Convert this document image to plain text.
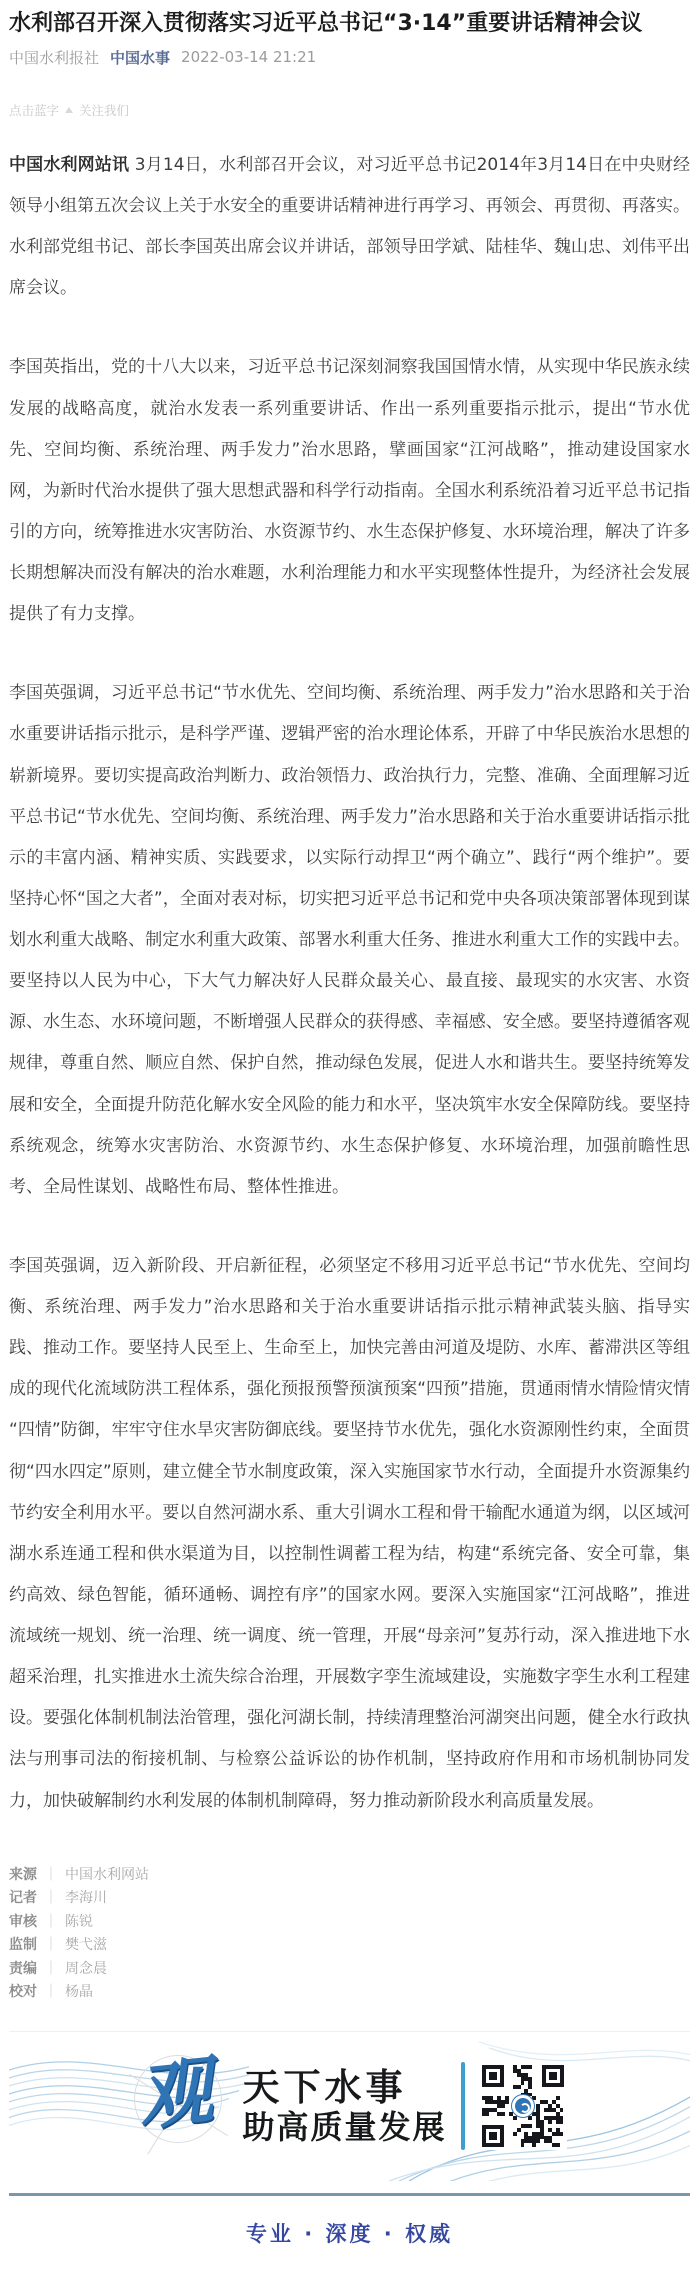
水利部召开深入贯彻落实习近平总书记“3·14”重要讲话精神会议
中国水利报社 中国水事 2022-03-14 21:21
点击蓝字 关注我们

中国水利网站讯 3月14日，水利部召开会议，对习近平总书记2014年3月14日在中央财经领导小组第五次会议上关于水安全的重要讲话精神进行再学习、再领会、再贯彻、再落实。水利部党组书记、部长李国英出席会议并讲话，部领导田学斌、陆桂华、魏山忠、刘伟平出席会议。

李国英指出，党的十八大以来，习近平总书记深刻洞察我国国情水情，从实现中华民族永续发展的战略高度，就治水发表一系列重要讲话、作出一系列重要指示批示，提出“节水优先、空间均衡、系统治理、两手发力”治水思路，擘画国家“江河战略”，推动建设国家水网，为新时代治水提供了强大思想武器和科学行动指南。全国水利系统沿着习近平总书记指引的方向，统筹推进水灾害防治、水资源节约、水生态保护修复、水环境治理，解决了许多长期想解决而没有解决的治水难题，水利治理能力和水平实现整体性提升，为经济社会发展提供了有力支撑。

李国英强调，习近平总书记“节水优先、空间均衡、系统治理、两手发力”治水思路和关于治水重要讲话指示批示，是科学严谨、逻辑严密的治水理论体系，开辟了中华民族治水思想的崭新境界。要切实提高政治判断力、政治领悟力、政治执行力，完整、准确、全面理解习近平总书记“节水优先、空间均衡、系统治理、两手发力”治水思路和关于治水重要讲话指示批示的丰富内涵、精神实质、实践要求，以实际行动捍卫“两个确立”、践行“两个维护”。要坚持心怀“国之大者”，全面对表对标，切实把习近平总书记和党中央各项决策部署体现到谋划水利重大战略、制定水利重大政策、部署水利重大任务、推进水利重大工作的实践中去。要坚持以人民为中心，下大气力解决好人民群众最关心、最直接、最现实的水灾害、水资源、水生态、水环境问题，不断增强人民群众的获得感、幸福感、安全感。要坚持遵循客观规律，尊重自然、顺应自然、保护自然，推动绿色发展，促进人水和谐共生。要坚持统筹发展和安全，全面提升防范化解水安全风险的能力和水平，坚决筑牢水安全保障防线。要坚持系统观念，统筹水灾害防治、水资源节约、水生态保护修复、水环境治理，加强前瞻性思考、全局性谋划、战略性布局、整体性推进。

李国英强调，迈入新阶段、开启新征程，必须坚定不移用习近平总书记“节水优先、空间均衡、系统治理、两手发力”治水思路和关于治水重要讲话指示批示精神武装头脑、指导实践、推动工作。要坚持人民至上、生命至上，加快完善由河道及堤防、水库、蓄滞洪区等组成的现代化流域防洪工程体系，强化预报预警预演预案“四预”措施，贯通雨情水情险情灾情“四情”防御，牢牢守住水旱灾害防御底线。要坚持节水优先，强化水资源刚性约束，全面贯彻“四水四定”原则，建立健全节水制度政策，深入实施国家节水行动，全面提升水资源集约节约安全利用水平。要以自然河湖水系、重大引调水工程和骨干输配水通道为纲，以区域河湖水系连通工程和供水渠道为目，以控制性调蓄工程为结，构建“系统完备、安全可靠，集约高效、绿色智能，循环通畅、调控有序”的国家水网。要深入实施国家“江河战略”，推进流域统一规划、统一治理、统一调度、统一管理，开展“母亲河”复苏行动，深入推进地下水超采治理，扎实推进水土流失综合治理，开展数字孪生流域建设，实施数字孪生水利工程建设。要强化体制机制法治管理，强化河湖长制，持续清理整治河湖突出问题，健全水行政执法与刑事司法的衔接机制、与检察公益诉讼的协作机制，坚持政府作用和市场机制协同发力，加快破解制约水利发展的体制机制障碍，努力推动新阶段水利高质量发展。

来源 ｜ 中国水利网站
记者 ｜ 李海川
审核 ｜ 陈锐
监制 ｜ 樊弋滋
责编 ｜ 周念晨
校对 ｜ 杨晶
观 天下水事
助高质量发展
专业 · 深度 · 权威
